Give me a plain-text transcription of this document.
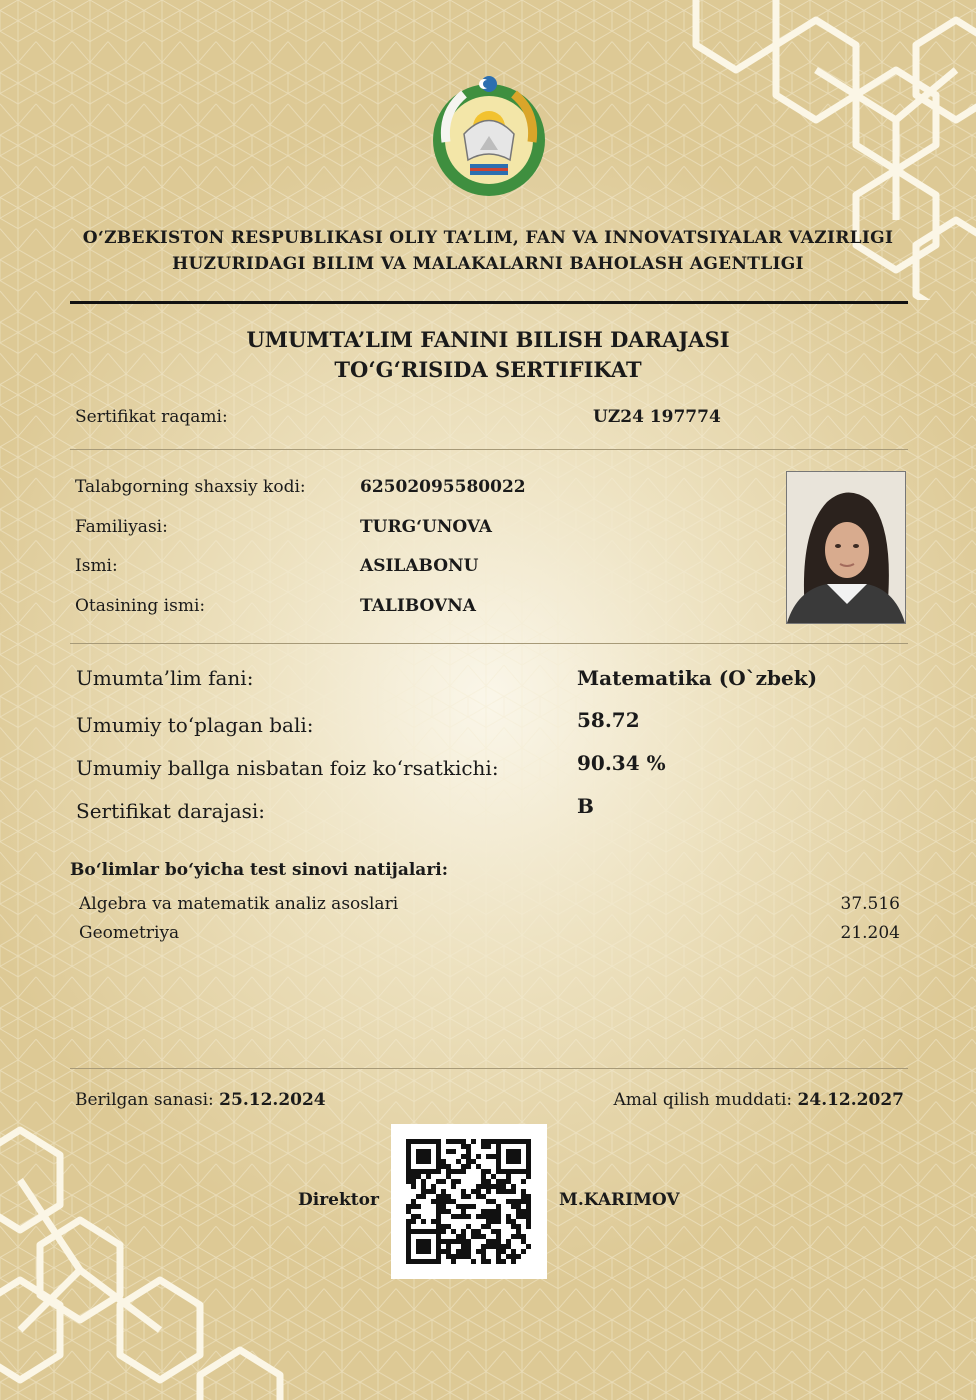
O‘ZBEKISTON RESPUBLIKASI OLIY TA’LIM, FAN VA INNOVATSIYALAR VAZIRLIGI
HUZURIDAGI BILIM VA MALAKALARNI BAHOLASH AGENTLIGI
UMUMTA’LIM FANINI BILISH DARAJASI
TO‘G‘RISIDA SERTIFIKAT
Sertifikat raqami:	UZ24 197774
Talabgorning shaxsiy kodi:	62502095580022
Familiyasi:	TURG‘UNOVA
Ismi:	ASILABONU
Otasining ismi:	TALIBOVNA
Umumta’lim fani:	Matematika (O`zbek)
Umumiy to‘plagan bali:	58.72
Umumiy ballga nisbatan foiz ko‘rsatkichi:	90.34 %
Sertifikat darajasi:	B
Bo‘limlar bo‘yicha test sinovi natijalari:
Algebra va matematik analiz asoslari	37.516
Geometriya	21.204
Berilgan sanasi: 25.12.2024	Amal qilish muddati: 24.12.2027
Direktor	M.KARIMOV
